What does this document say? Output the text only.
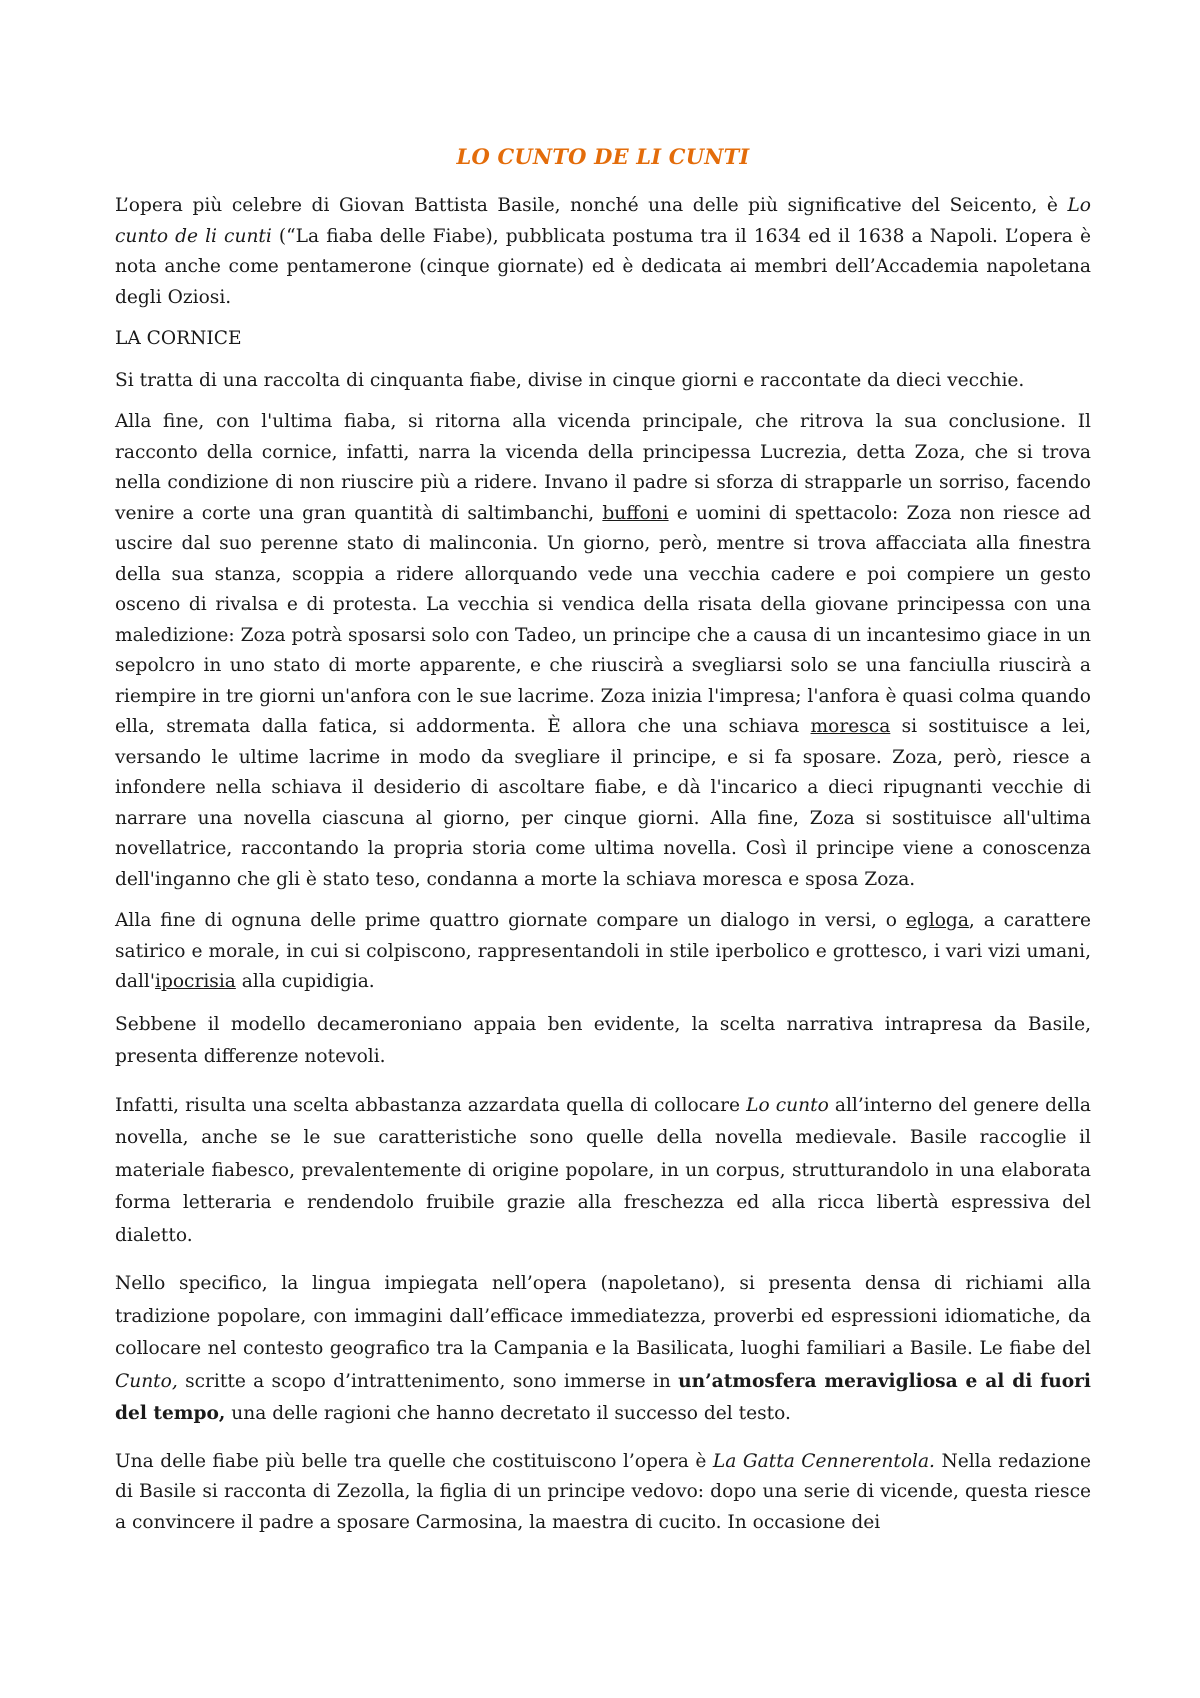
LO CUNTO DE LI CUNTI

L’opera più celebre di Giovan Battista Basile, nonché una delle più significative del Seicento, è Lo cunto de li cunti (“La fiaba delle Fiabe), pubblicata postuma tra il 1634 ed il 1638 a Napoli. L’opera è nota anche come pentamerone (cinque giornate) ed è dedicata ai membri dell’Accademia napoletana degli Oziosi.

LA CORNICE

Si tratta di una raccolta di cinquanta fiabe, divise in cinque giorni e raccontate da dieci vecchie.

Alla fine, con l'ultima fiaba, si ritorna alla vicenda principale, che ritrova la sua conclusione. Il racconto della cornice, infatti, narra la vicenda della principessa Lucrezia, detta Zoza, che si trova nella condizione di non riuscire più a ridere. Invano il padre si sforza di strapparle un sorriso, facendo venire a corte una gran quantità di saltimbanchi, buffoni e uomini di spettacolo: Zoza non riesce ad uscire dal suo perenne stato di malinconia. Un giorno, però, mentre si trova affacciata alla finestra della sua stanza, scoppia a ridere allorquando vede una vecchia cadere e poi compiere un gesto osceno di rivalsa e di protesta. La vecchia si vendica della risata della giovane principessa con una maledizione: Zoza potrà sposarsi solo con Tadeo, un principe che a causa di un incantesimo giace in un sepolcro in uno stato di morte apparente, e che riuscirà a svegliarsi solo se una fanciulla riuscirà a riempire in tre giorni un'anfora con le sue lacrime. Zoza inizia l'impresa; l'anfora è quasi colma quando ella, stremata dalla fatica, si addormenta. È allora che una schiava moresca si sostituisce a lei, versando le ultime lacrime in modo da svegliare il principe, e si fa sposare. Zoza, però, riesce a infondere nella schiava il desiderio di ascoltare fiabe, e dà l'incarico a dieci ripugnanti vecchie di narrare una novella ciascuna al giorno, per cinque giorni. Alla fine, Zoza si sostituisce all'ultima novellatrice, raccontando la propria storia come ultima novella. Così il principe viene a conoscenza dell'inganno che gli è stato teso, condanna a morte la schiava moresca e sposa Zoza.

Alla fine di ognuna delle prime quattro giornate compare un dialogo in versi, o egloga, a carattere satirico e morale, in cui si colpiscono, rappresentandoli in stile iperbolico e grottesco, i vari vizi umani, dall'ipocrisia alla cupidigia.

Sebbene il modello decameroniano appaia ben evidente, la scelta narrativa intrapresa da Basile, presenta differenze notevoli.

Infatti, risulta una scelta abbastanza azzardata quella di collocare Lo cunto all’interno del genere della novella, anche se le sue caratteristiche sono quelle della novella medievale. Basile raccoglie il materiale fiabesco, prevalentemente di origine popolare, in un corpus, strutturandolo in una elaborata forma letteraria e rendendolo fruibile grazie alla freschezza ed alla ricca libertà espressiva del dialetto.

Nello specifico, la lingua impiegata nell’opera (napoletano), si presenta densa di richiami alla tradizione popolare, con immagini dall’efficace immediatezza, proverbi ed espressioni idiomatiche, da collocare nel contesto geografico tra la Campania e la Basilicata, luoghi familiari a Basile. Le fiabe del Cunto, scritte a scopo d’intrattenimento, sono immerse in un’atmosfera meravigliosa e al di fuori del tempo, una delle ragioni che hanno decretato il successo del testo.

Una delle fiabe più belle tra quelle che costituiscono l’opera è La Gatta Cennerentola. Nella redazione di Basile si racconta di Zezolla, la figlia di un principe vedovo: dopo una serie di vicende, questa riesce a convincere il padre a sposare Carmosina, la maestra di cucito. In occasione dei
